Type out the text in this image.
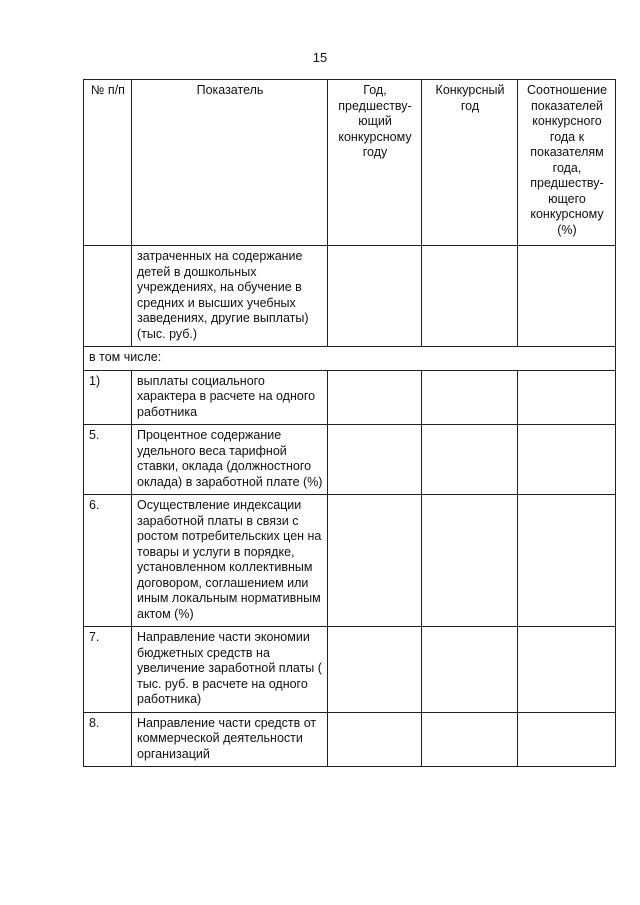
15
№ п/п	Показатель	Год, предшеству-ющий конкурсному году	Конкурсный год	Соотношение показателей конкурсного года к показателям года, предшеству-ющего конкурсному (%)

	затраченных на содержание детей в дошкольных учреждениях, на обучение в средних и высших учебных заведениях, другие выплаты) (тыс. руб.)			
в том числе:				
1)	выплаты социального характера в расчете на одного работника			
5.	Процентное содержание удельного веса тарифной ставки, оклада (должностного оклада) в заработной плате (%)			
6.	Осуществление индексации заработной платы в связи с ростом потребительских цен на товары и услуги в порядке, установленном коллективным договором, соглашением или иным локальным нормативным актом (%)			
7.	Направление части экономии бюджетных средств на увеличение заработной платы ( тыс. руб. в расчете на одного работника)			
8.	Направление части средств от коммерческой деятельности организаций			
